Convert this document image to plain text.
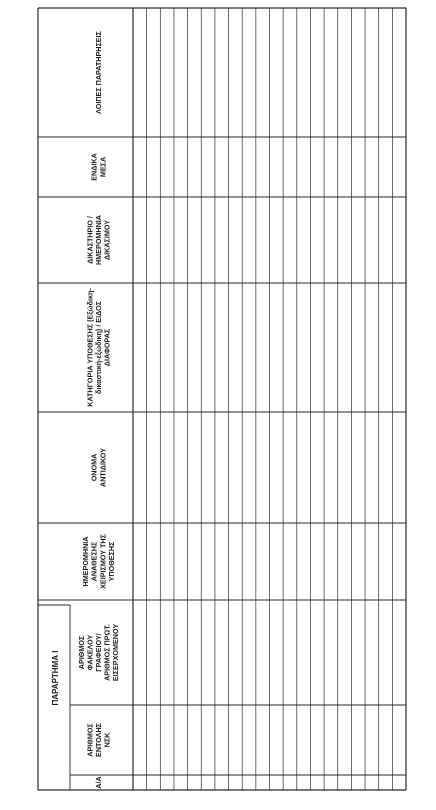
ΠΑΡΑΡΤΗΜΑ I
Α/Α
ΑΡΙΘΜΟΣΕΝΤΟΛΗΣΝΣΚ
ΑΡΙΘΜΟΣΦΑΚΕΛΟΥΓΡΑΦΕΙΟΥ/ΑΡΙΘΜΟΣ ΠΡΩΤ.ΕΙΣΕΡΧΟΜΕΝΟΥ
ΗΜΕΡΟΜΗΝΙΑΑΝΑΘΕΣΗΣΧΕΙΡΙΣΜΟΥ ΤΗΣΥΠΟΘΕΣΗΣ
ΟΝΟΜΑΑΝΤΙΔΙΚΟΥ
ΚΑΤΗΓΟΡΙΑ ΥΠΟΘΕΣΗΣ (Εξώδικη-δικαστική-εξώδικη) / ΕΙΔΟΣΔΙΑΦΟΡΑΣ
ΔΙΚΑΣΤΗΡΙΟ /ΗΜΕΡΟΜΗΝΙΑΔΙΚΑΣΙΜΟΥ
ΕΝΔΙΚΑΜΕΣΑ
ΛΟΙΠΕΣ ΠΑΡΑΤΗΡΗΣΕΙΣ
